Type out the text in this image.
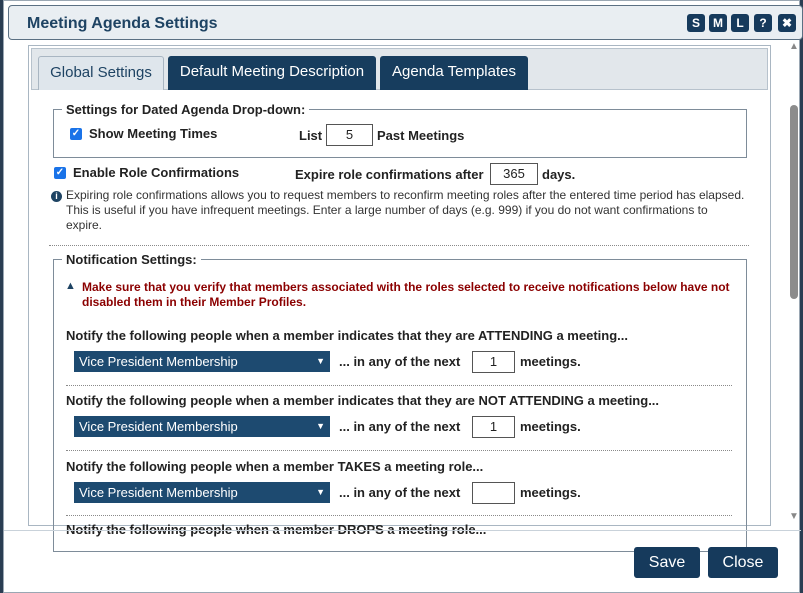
Meeting Agenda Settings	S	M	L	?	✖
Global Settings	Default Meeting Description	Agenda Templates
Settings for Dated Agenda Drop-down:
✓ Show Meeting Times	List	5	Past Meetings
✓ Enable Role Confirmations	Expire role confirmations after	365	days.
i Expiring role confirmations allows you to request members to reconfirm meeting roles after the entered time period has elapsed. This is useful if you have infrequent meetings. Enter a large number of days (e.g. 999) if you do not want confirmations to expire.
Notification Settings:
▲ Make sure that you verify that members associated with the roles selected to receive notifications below have not disabled them in their Member Profiles.
Notify the following people when a member indicates that they are ATTENDING a meeting...
Vice President Membership	▼ ... in any of the next	1	meetings.
Notify the following people when a member indicates that they are NOT ATTENDING a meeting...
Vice President Membership	▼ ... in any of the next	1	meetings.
Notify the following people when a member TAKES a meeting role...
Vice President Membership	▼ ... in any of the next	meetings.
Notify the following people when a member DROPS a meeting role...
▲
▼
Save	Close
